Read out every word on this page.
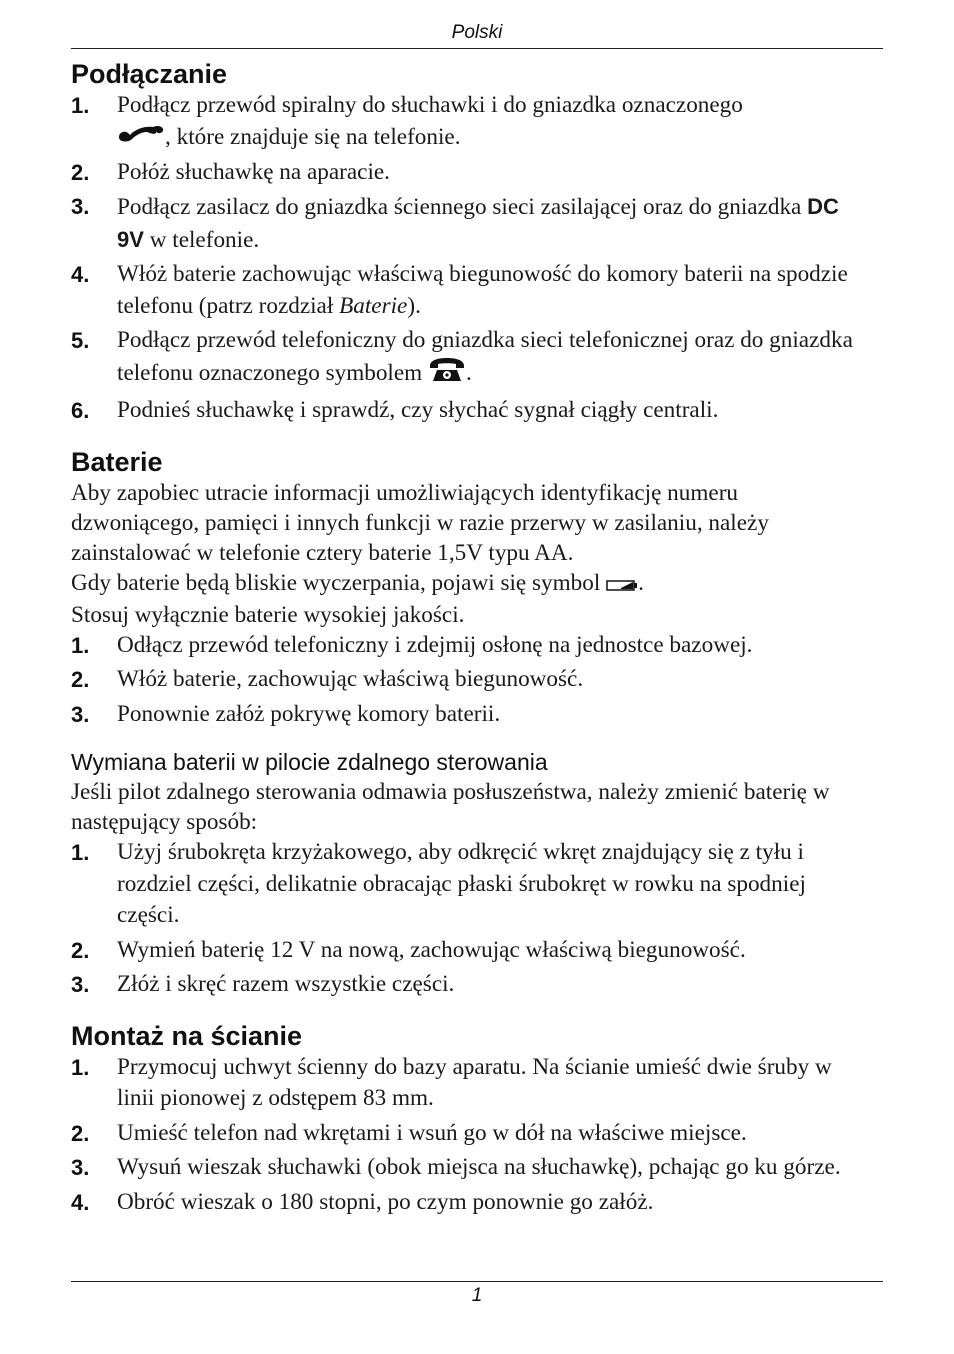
Polski
Podłączanie
1. Podłącz przewód spiralny do słuchawki i do gniazdka oznaczonego
, które znajduje się na telefonie.
2. Połóż słuchawkę na aparacie.
3. Podłącz zasilacz do gniazdka ściennego sieci zasilającej oraz do gniazdka DC 9V w telefonie.
4. Włóż baterie zachowując właściwą biegunowość do komory baterii na spodzie telefonu (patrz rozdział Baterie).
5. Podłącz przewód telefoniczny do gniazdka sieci telefonicznej oraz do gniazdka telefonu oznaczonego symbolem .
6. Podnieś słuchawkę i sprawdź, czy słychać sygnał ciągły centrali.
Baterie

Aby zapobiec utracie informacji umożliwiających identyfikację numeru dzwoniącego, pamięci i innych funkcji w razie przerwy w zasilaniu, należy zainstalować w telefonie cztery baterie 1,5V typu AA.

Gdy baterie będą bliskie wyczerpania, pojawi się symbol .

Stosuj wyłącznie baterie wysokiej jakości.

1. Odłącz przewód telefoniczny i zdejmij osłonę na jednostce bazowej.
2. Włóż baterie, zachowując właściwą biegunowość.
3. Ponownie załóż pokrywę komory baterii.
Wymiana baterii w pilocie zdalnego sterowania

Jeśli pilot zdalnego sterowania odmawia posłuszeństwa, należy zmienić baterię w następujący sposób:

1. Użyj śrubokręta krzyżakowego, aby odkręcić wkręt znajdujący się z tyłu i rozdziel części, delikatnie obracając płaski śrubokręt w rowku na spodniej części.
2. Wymień baterię 12 V na nową, zachowując właściwą biegunowość.
3. Złóż i skręć razem wszystkie części.
Montaż na ścianie
1. Przymocuj uchwyt ścienny do bazy aparatu. Na ścianie umieść dwie śruby w linii pionowej z odstępem 83 mm.
2. Umieść telefon nad wkrętami i wsuń go w dół na właściwe miejsce.
3. Wysuń wieszak słuchawki (obok miejsca na słuchawkę), pchając go ku górze.
4. Obróć wieszak o 180 stopni, po czym ponownie go załóż.
1
